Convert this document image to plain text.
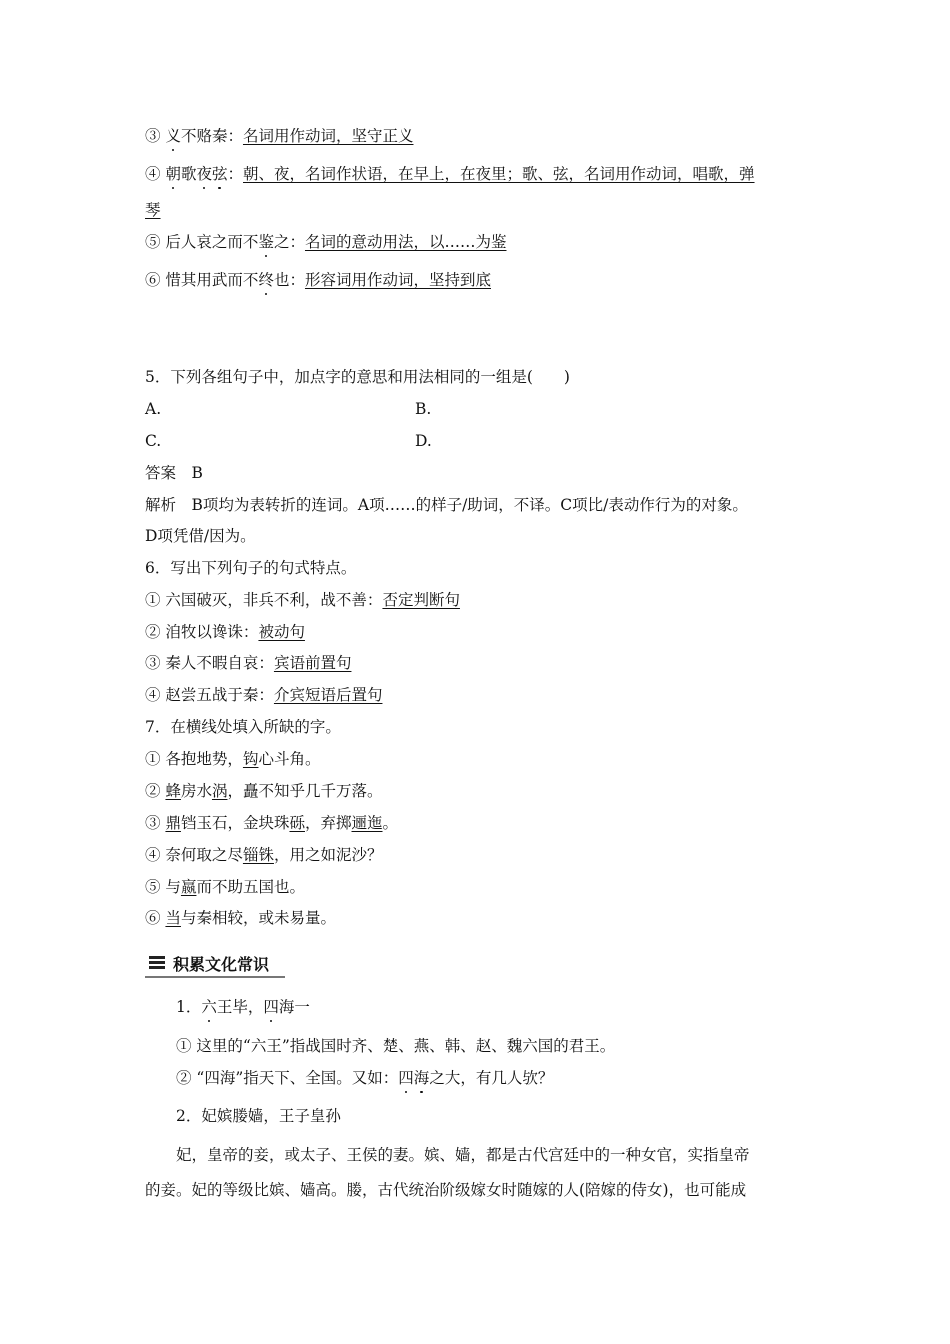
③ 义不赂秦：名词用作动词，坚守正义
④ 朝歌夜弦：朝、夜，名词作状语，在早上，在夜里；歌、弦，名词用作动词，唱歌，弹
琴
⑤ 后人哀之而不鉴之：名词的意动用法，以……为鉴
⑥ 惜其用武而不终也：形容词用作动词，坚持到底
5．下列各组句子中，加点字的意思和用法相同的一组是(　　)
A.	B.
C.	D.
答案　B
解析　B项均为表转折的连词。A项……的样子/助词，不译。C项比/表动作行为的对象。
D项凭借/因为。
6．写出下列句子的句式特点。
① 六国破灭，非兵不利，战不善：否定判断句
② 洎牧以谗诛：被动句
③ 秦人不暇自哀：宾语前置句
④ 赵尝五战于秦：介宾短语后置句
7．在横线处填入所缺的字。
① 各抱地势，钩心斗角。
② 蜂房水涡，矗不知乎几千万落。
③ 鼎铛玉石，金块珠砾，弃掷逦迤。
④ 奈何取之尽锱铢，用之如泥沙？
⑤ 与嬴而不助五国也。
⑥ 当与秦相较，或未易量。
积累文化常识
1．六王毕，四海一
① 这里的“六王”指战国时齐、楚、燕、韩、赵、魏六国的君王。
② “四海”指天下、全国。又如：四海之大，有几人欤？
2．妃嫔媵嫱，王子皇孙
妃，皇帝的妾，或太子、王侯的妻。嫔、嫱，都是古代宫廷中的一种女官，实指皇帝
的妾。妃的等级比嫔、嫱高。媵，古代统治阶级嫁女时随嫁的人(陪嫁的侍女)，也可能成
